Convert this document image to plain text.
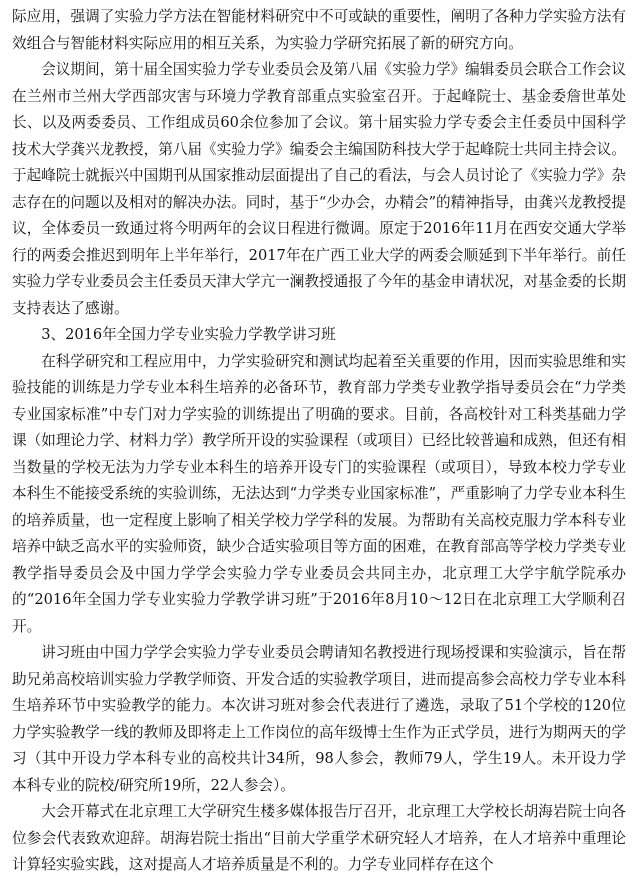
际应用，强调了实验力学方法在智能材料研究中不可或缺的重要性，阐明了各种力学实验方法有效组合与智能材料实际应用的相互关系，为实验力学研究拓展了新的研究方向。

会议期间，第十届全国实验力学专业委员会及第八届《实验力学》编辑委员会联合工作会议在兰州市兰州大学西部灾害与环境力学教育部重点实验室召开。于起峰院士、基金委詹世革处长、以及两委委员、工作组成员60余位参加了会议。第十届实验力学专委会主任委员中国科学技术大学龚兴龙教授，第八届《实验力学》编委会主编国防科技大学于起峰院士共同主持会议。于起峰院士就振兴中国期刊从国家推动层面提出了自己的看法，与会人员讨论了《实验力学》杂志存在的问题以及相对的解决办法。同时，基于“少办会，办精会”的精神指导，由龚兴龙教授提议，全体委员一致通过将今明两年的会议日程进行微调。原定于2016年11月在西安交通大学举行的两委会推迟到明年上半年举行，2017年在广西工业大学的两委会顺延到下半年举行。前任实验力学专业委员会主任委员天津大学亢一澜教授通报了今年的基金申请状况，对基金委的长期支持表达了感谢。

3、2016年全国力学专业实验力学教学讲习班

在科学研究和工程应用中，力学实验研究和测试均起着至关重要的作用，因而实验思维和实验技能的训练是力学专业本科生培养的必备环节，教育部力学类专业教学指导委员会在“力学类专业国家标准”中专门对力学实验的训练提出了明确的要求。目前，各高校针对工科类基础力学课（如理论力学、材料力学）教学所开设的实验课程（或项目）已经比较普遍和成熟，但还有相当数量的学校无法为力学专业本科生的培养开设专门的实验课程（或项目），导致本校力学专业本科生不能接受系统的实验训练，无法达到“力学类专业国家标准”，严重影响了力学专业本科生的培养质量，也一定程度上影响了相关学校力学学科的发展。为帮助有关高校克服力学本科专业培养中缺乏高水平的实验师资，缺少合适实验项目等方面的困难，在教育部高等学校力学类专业教学指导委员会及中国力学学会实验力学专业委员会共同主办，北京理工大学宇航学院承办的“2016年全国力学专业实验力学教学讲习班”于2016年8月10～12日在北京理工大学顺利召开。

讲习班由中国力学学会实验力学专业委员会聘请知名教授进行现场授课和实验演示，旨在帮助兄弟高校培训实验力学教学师资、开发合适的实验教学项目，进而提高参会高校力学专业本科生培养环节中实验教学的能力。本次讲习班对参会代表进行了遴选，录取了51个学校的120位力学实验教学一线的教师及即将走上工作岗位的高年级博士生作为正式学员，进行为期两天的学习（其中开设力学本科专业的高校共计34所，98人参会，教师79人，学生19人。未开设力学本科专业的院校/研究所19所，22人参会）。

大会开幕式在北京理工大学研究生楼多媒体报告厅召开，北京理工大学校长胡海岩院士向各位参会代表致欢迎辞。胡海岩院士指出“目前大学重学术研究轻人才培养，在人才培养中重理论计算轻实验实践，这对提高人才培养质量是不利的。力学专业同样存在这个
